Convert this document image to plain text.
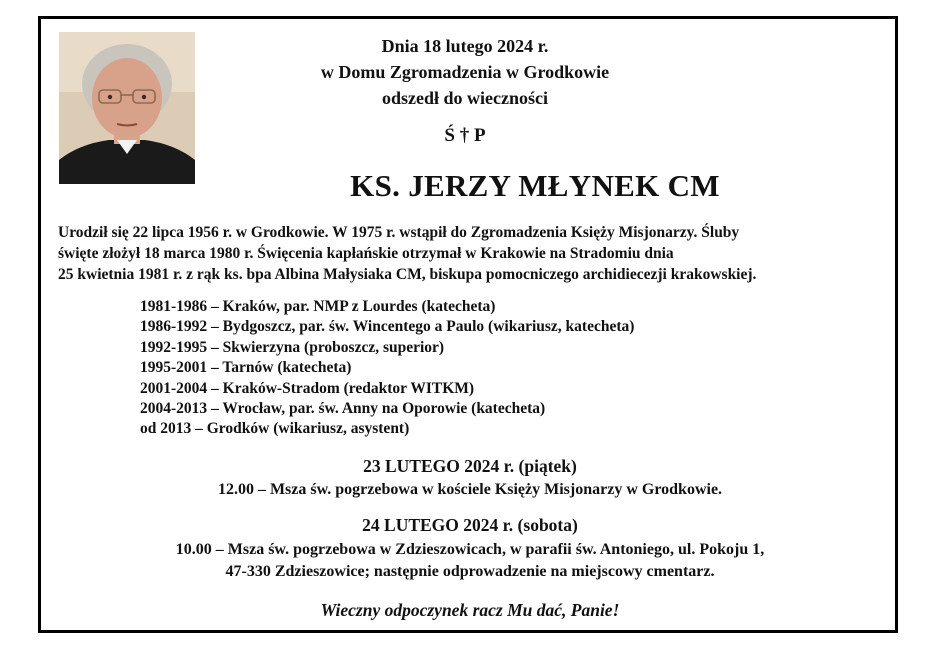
Dnia 18 lutego 2024 r.
w Domu Zgromadzenia w Grodkowie
odszedł do wieczności
Ś † P
KS. JERZY MŁYNEK CM
Urodził się 22 lipca 1956 r. w Grodkowie. W 1975 r. wstąpił do Zgromadzenia Księży Misjonarzy. Śluby
święte złożył 18 marca 1980 r. Święcenia kapłańskie otrzymał w Krakowie na Stradomiu dnia
25 kwietnia 1981 r. z rąk ks. bpa Albina Małysiaka CM, biskupa pomocniczego archidiecezji krakowskiej.
1981-1986 – Kraków, par. NMP z Lourdes (katecheta)
1986-1992 – Bydgoszcz, par. św. Wincentego a Paulo (wikariusz, katecheta)
1992-1995 – Skwierzyna (proboszcz, superior)
1995-2001 – Tarnów (katecheta)
2001-2004 – Kraków-Stradom (redaktor WITKM)
2004-2013 – Wrocław, par. św. Anny na Oporowie (katecheta)
od 2013 – Grodków (wikariusz, asystent)
23 LUTEGO 2024 r. (piątek)
12.00 – Msza św. pogrzebowa w kościele Księży Misjonarzy w Grodkowie.
24 LUTEGO 2024 r. (sobota)
10.00 – Msza św. pogrzebowa w Zdzieszowicach, w parafii św. Antoniego, ul. Pokoju 1,
47-330 Zdzieszowice; następnie odprowadzenie na miejscowy cmentarz.
Wieczny odpoczynek racz Mu dać, Panie!
